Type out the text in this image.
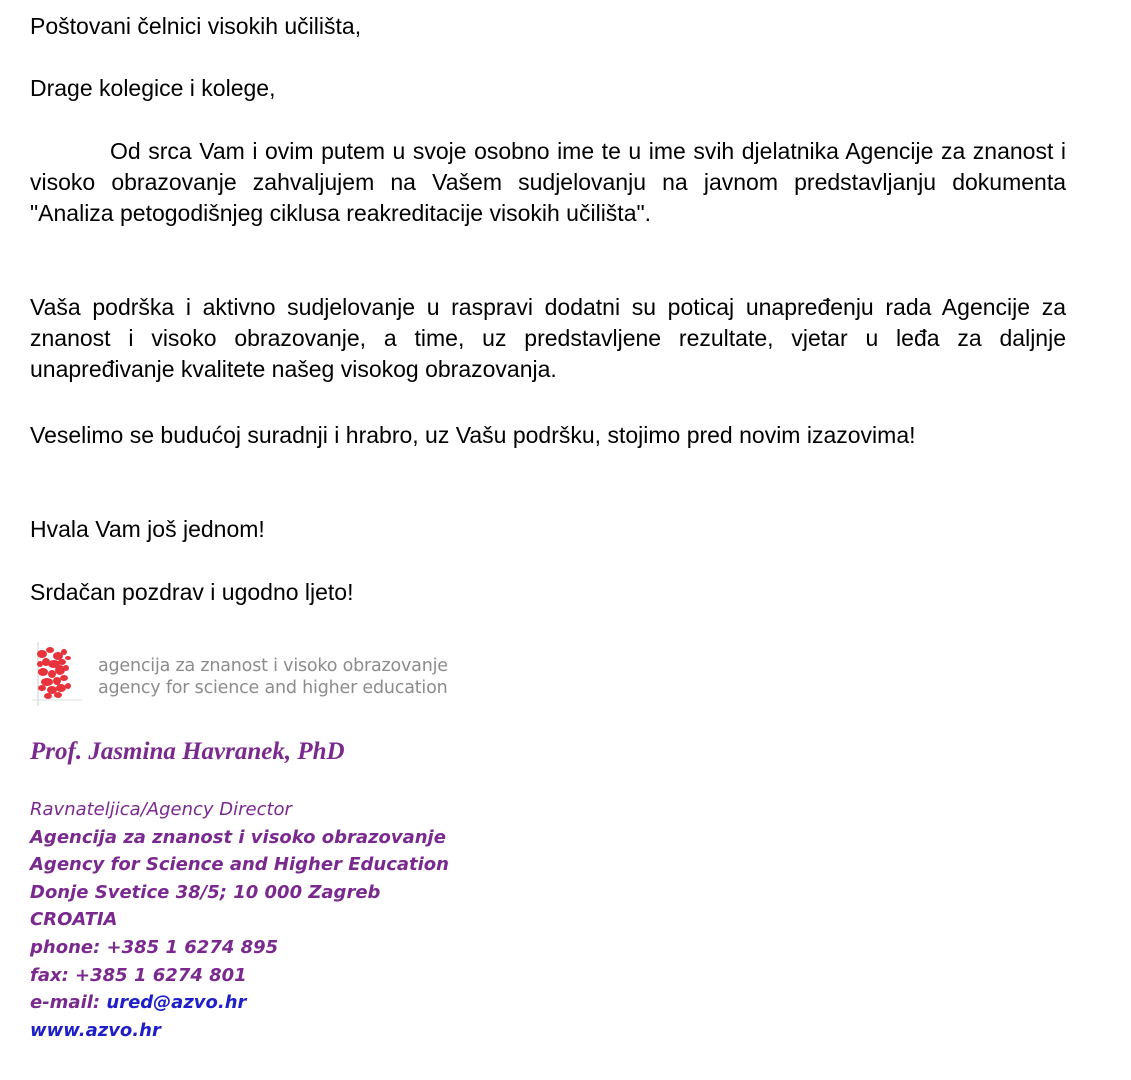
Poštovani čelnici visokih učilišta,

Drage kolegice i kolege,

Od srca Vam i ovim putem u svoje osobno ime te u ime svih djelatnika Agencije za znanost i visoko obrazovanje zahvaljujem na Vašem sudjelovanju na javnom predstavljanju dokumenta "Analiza petogodišnjeg ciklusa reakreditacije visokih učilišta".

Vaša podrška i aktivno sudjelovanje u raspravi dodatni su poticaj unapređenju rada Agencije za znanost i visoko obrazovanje, a time, uz predstavljene rezultate, vjetar u leđa za daljnje unapređivanje kvalitete našeg visokog obrazovanja.

Veselimo se budućoj suradnji i hrabro, uz Vašu podršku, stojimo pred novim izazovima!

Hvala Vam još jednom!

Srdačan pozdrav i ugodno ljeto!

agencija za znanost i visoko obrazovanje
agency for science and higher education
Prof. Jasmina Havranek, PhD
Ravnateljica/Agency Director
Agencija za znanost i visoko obrazovanje
Agency for Science and Higher Education
Donje Svetice 38/5; 10 000 Zagreb
CROATIA
phone: +385 1 6274 895
fax: +385 1 6274 801
e-mail: ured@azvo.hr
www.azvo.hr
